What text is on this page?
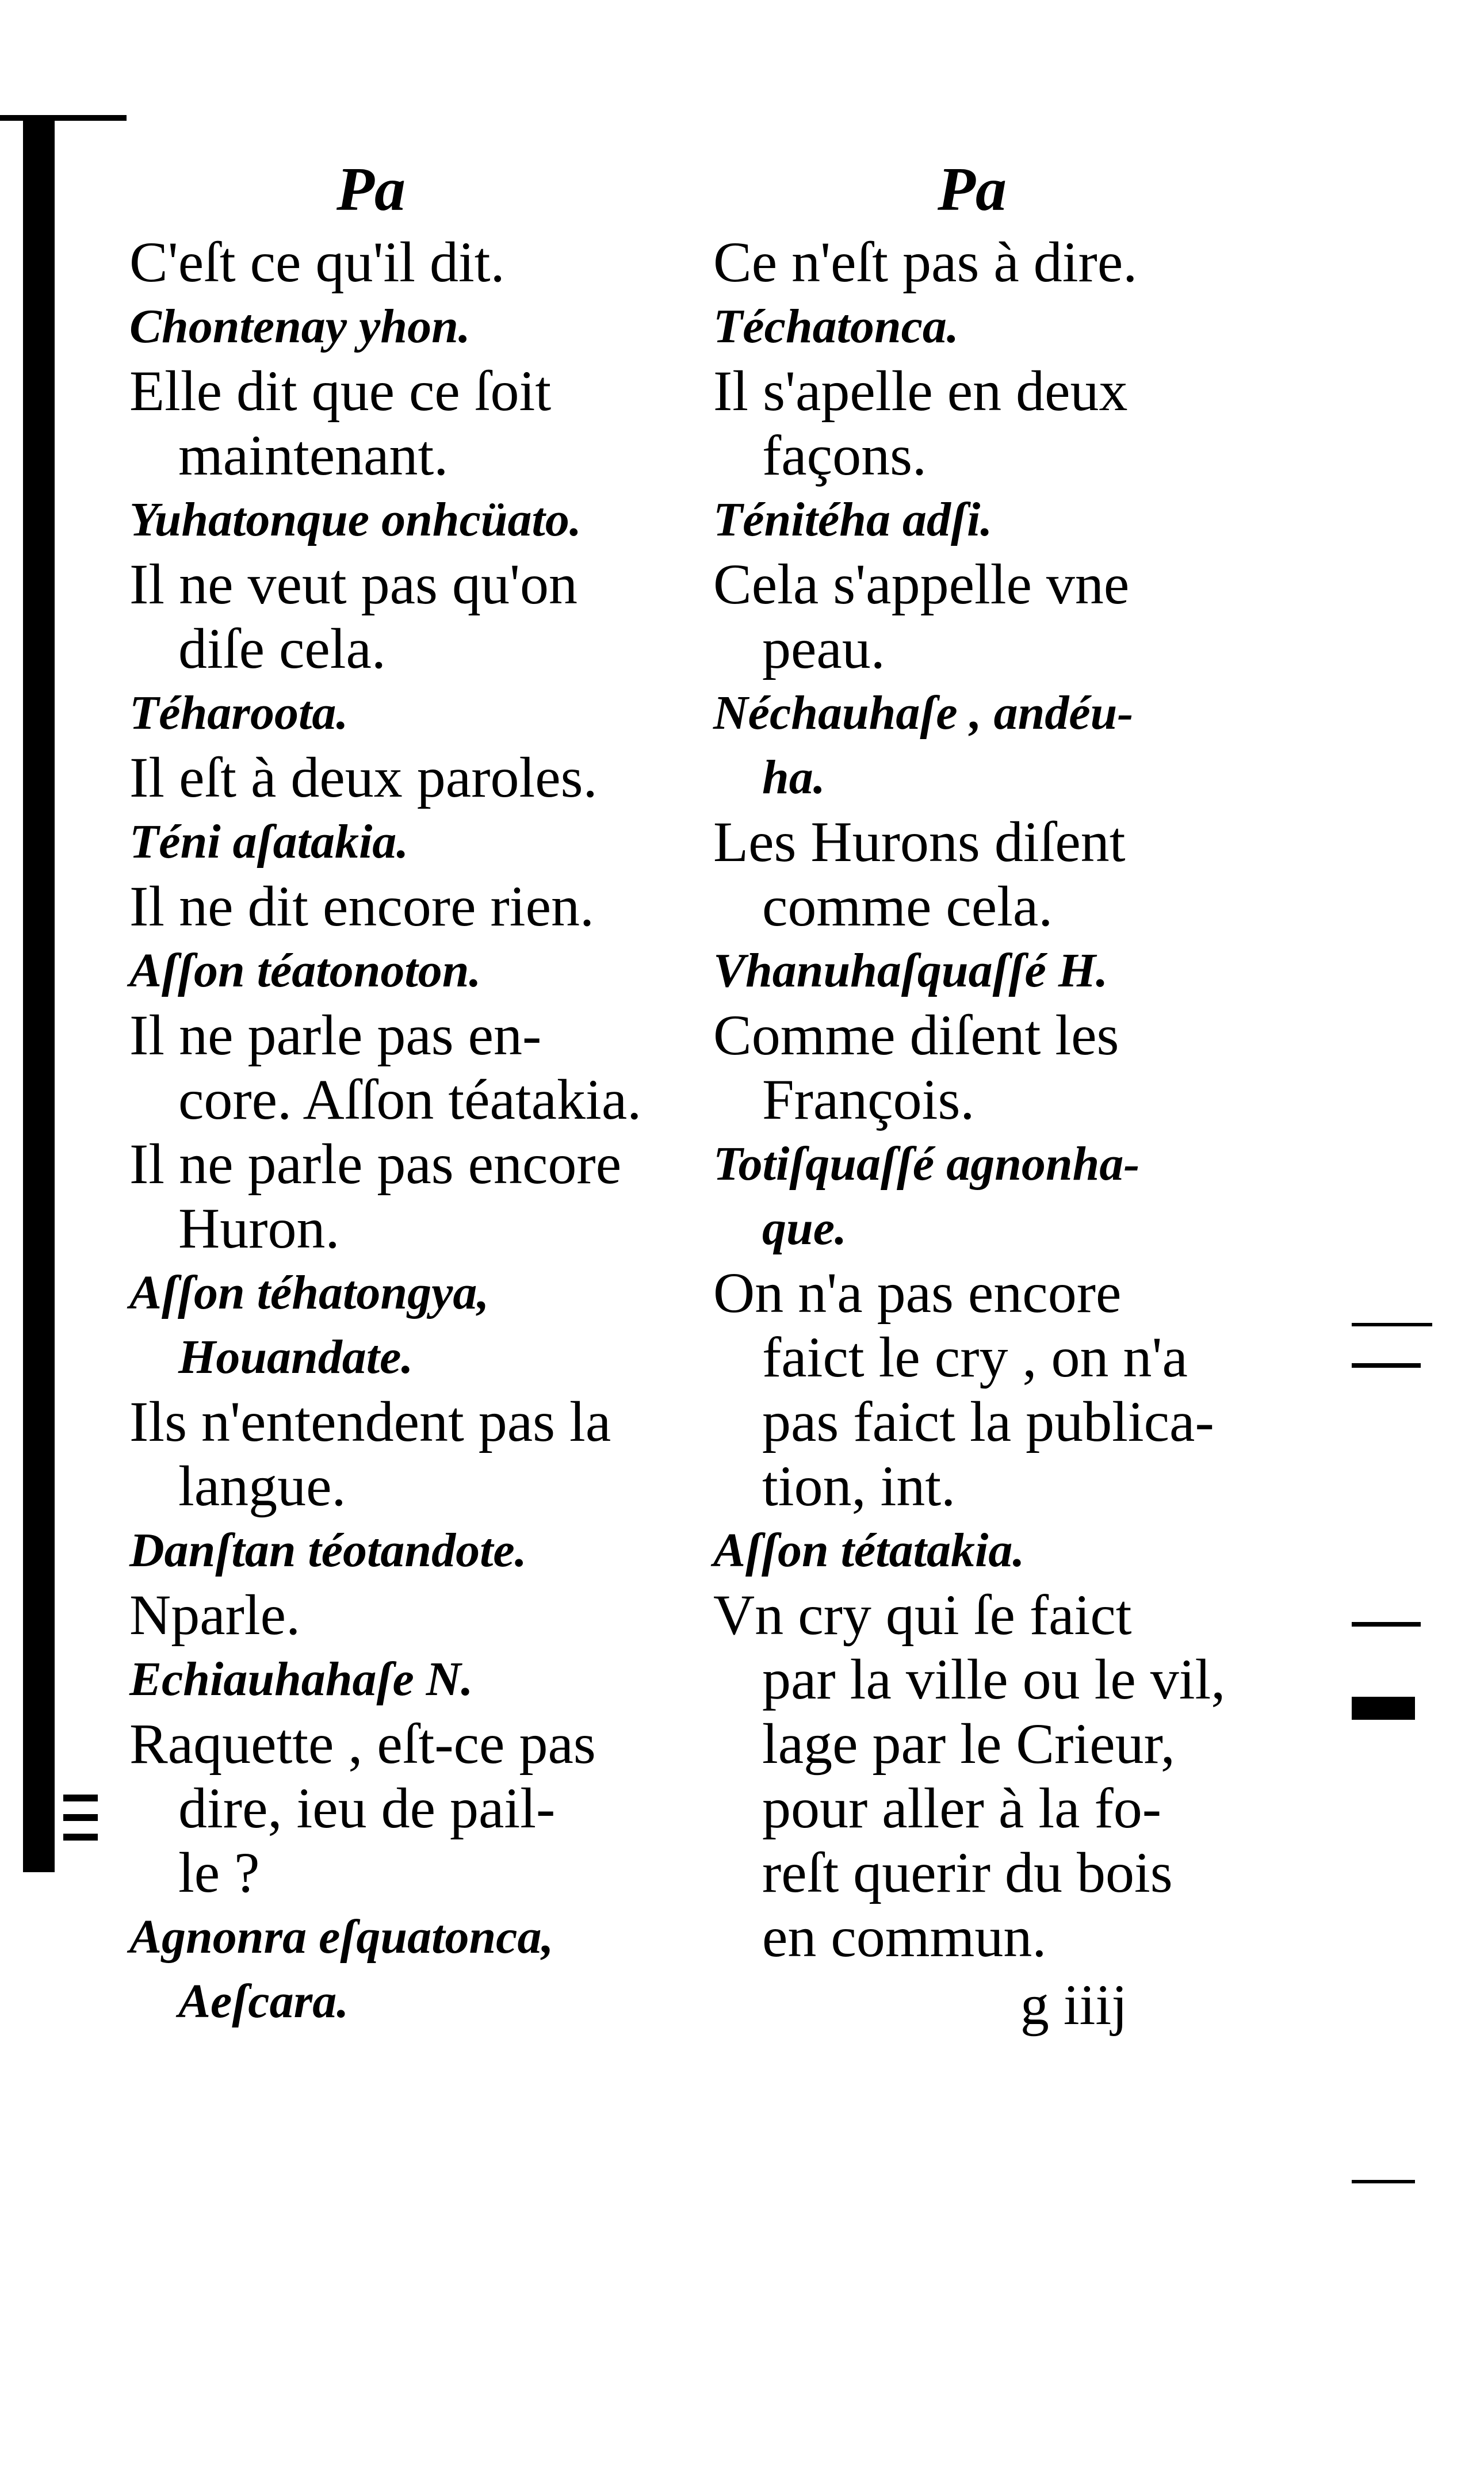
Pa
C'eſt ce qu'il dit.
Chontenay yhon.
Elle dit que ce ſoit
maintenant.
Yuhatonque onhcüato.
Il ne veut pas qu'on
diſe cela.
Téharoota.
Il eſt à deux paroles.
Téni aſatakia.
Il ne dit encore rien.
Aſſon téatonoton.
Il ne parle pas en-
core. Aſſon téatakia.
Il ne parle pas encore
Huron.
Aſſon téhatongya,
Houandate.
Ils n'entendent pas la
langue.
Danſtan téotandote.
Nparle.
Echiauhahaſe N.
Raquette , eſt-ce pas
dire, ieu de pail-
le ?
Agnonra eſquatonca,
Aeſcara.
Pa
Ce n'eſt pas à dire.
Téchatonca.
Il s'apelle en deux
façons.
Ténitéha adſi.
Cela s'appelle vne
peau.
Néchauhaſe , andéu-
ha.
Les Hurons diſent
comme cela.
Vhanuhaſquaſſé H.
Comme diſent les
François.
Totiſquaſſé agnonha-
que.
On n'a pas encore
faict le cry , on n'a
pas faict la publica-
tion, int.
Aſſon tétatakia.
Vn cry qui ſe faict
par la ville ou le vil,
lage par le Crieur,
pour aller à la fo-
reſt querir du bois
en commun.
g iiij
